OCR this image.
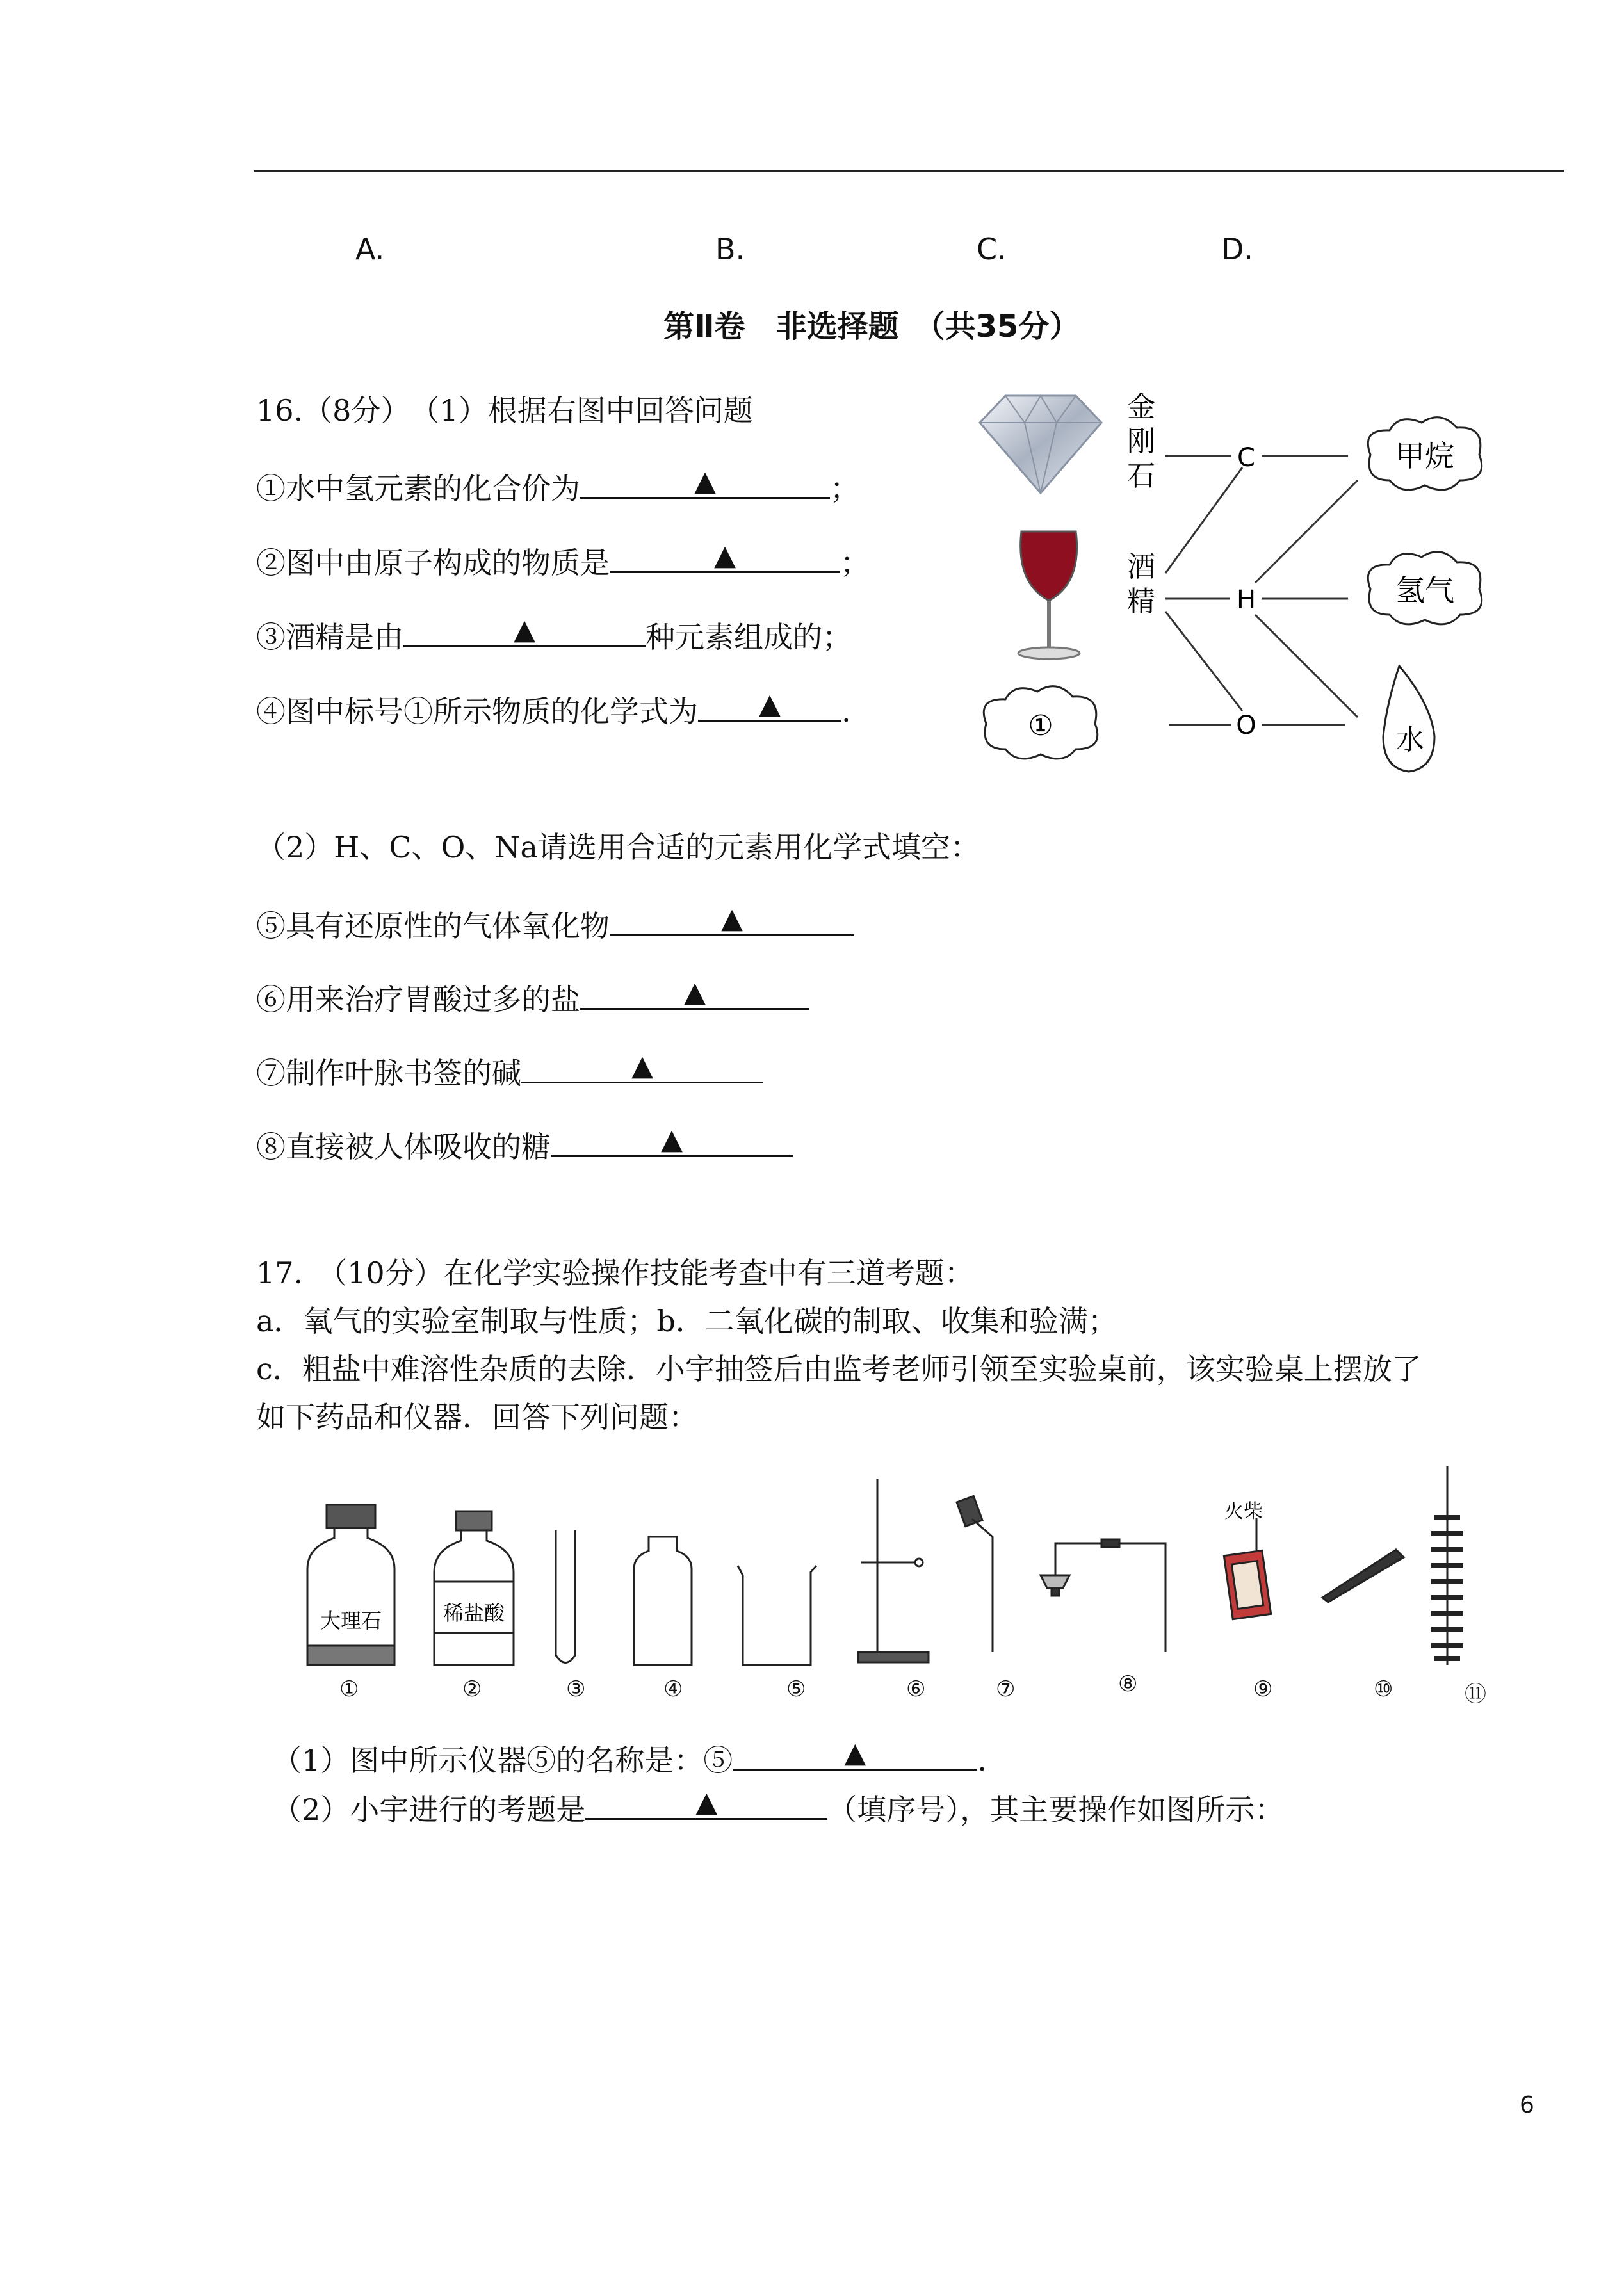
A.	B.	C.	D.
第Ⅱ卷　非选择题　（共35分）
16.（8分）　（1）根据右图中回答问题
①水中氢元素的化合价为	▲	；
②图中由原子构成的物质是	▲	；
③酒精是由	▲	种元素组成的；
④图中标号①所示物质的化学式为 ▲ .
金
刚
石
酒
精
C
H
O
甲烷
氢气
水
①
（2）H、C、O、Na请选用合适的元素用化学式填空：
⑤具有还原性的气体氧化物	▲
⑥用来治疗胃酸过多的盐	▲
⑦制作叶脉书签的碱	▲
⑧直接被人体吸收的糖	▲
17.　（10分）在化学实验操作技能考查中有三道考题：
a．氧气的实验室制取与性质；b．二氧化碳的制取、收集和验满；
c．粗盐中难溶性杂质的去除．小宇抽签后由监考老师引领至实验桌前，该实验桌上摆放了
如下药品和仪器．回答下列问题：
大理石	稀盐酸
火柴
①	②	③	④	⑤	⑥	⑦	⑧	⑨	⑩	⑪
（1）图中所示仪器⑤的名称是：⑤	▲	.
（2）小宇进行的考题是	▲	（填序号），其主要操作如图所示：
6
